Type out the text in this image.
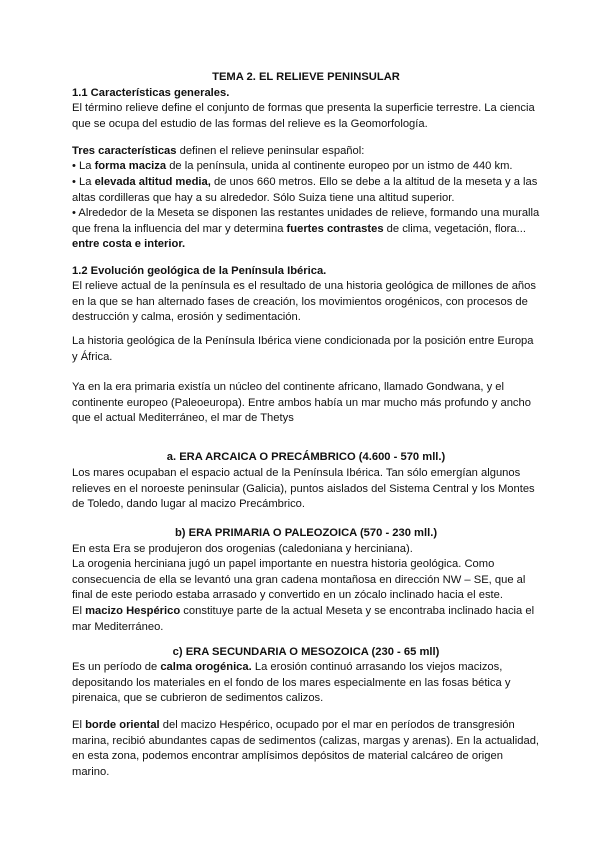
TEMA 2. EL RELIEVE PENINSULAR

1.1 Características generales.

El término relieve define el conjunto de formas que presenta la superficie terrestre. La ciencia que se ocupa del estudio de las formas del relieve es la Geomorfología.

Tres características definen el relieve peninsular español:

• La forma maciza de la península, unida al continente europeo por un istmo de 440 km.

• La elevada altitud media, de unos 660 metros. Ello se debe a la altitud de la meseta y a las altas cordilleras que hay a su alrededor. Sólo Suiza tiene una altitud superior.

• Alrededor de la Meseta se disponen las restantes unidades de relieve, formando una muralla que frena la influencia del mar y determina fuertes contrastes de clima, vegetación, flora... entre costa e interior.

1.2 Evolución geológica de la Península Ibérica.

El relieve actual de la península es el resultado de una historia geológica de millones de años en la que se han alternado fases de creación, los movimientos orogénicos, con procesos de destrucción y calma, erosión y sedimentación.

La historia geológica de la Península Ibérica viene condicionada por la posición entre Europa y África.

Ya en la era primaria existía un núcleo del continente africano, llamado Gondwana, y el continente europeo (Paleoeuropa). Entre ambos había un mar mucho más profundo y ancho que el actual Mediterráneo, el mar de Thetys

a. ERA ARCAICA O PRECÁMBRICO (4.600 - 570 mll.)

Los mares ocupaban el espacio actual de la Península Ibérica. Tan sólo emergían algunos relieves en el noroeste peninsular (Galicia), puntos aislados del Sistema Central y los Montes de Toledo, dando lugar al macizo Precámbrico.

b) ERA PRIMARIA O PALEOZOICA (570 - 230 mll.)

En esta Era se produjeron dos orogenias (caledoniana y herciniana).

La orogenia herciniana jugó un papel importante en nuestra historia geológica. Como consecuencia de ella se levantó una gran cadena montañosa en dirección NW – SE, que al final de este periodo estaba arrasado y convertido en un zócalo inclinado hacia el este.

El macizo Hespérico constituye parte de la actual Meseta y se encontraba inclinado hacia el mar Mediterráneo.

c) ERA SECUNDARIA O MESOZOICA (230 - 65 mll)

Es un período de calma orogénica. La erosión continuó arrasando los viejos macizos, depositando los materiales en el fondo de los mares especialmente en las fosas bética y pirenaica, que se cubrieron de sedimentos calizos.

El borde oriental del macizo Hespérico, ocupado por el mar en períodos de transgresión marina, recibió abundantes capas de sedimentos (calizas, margas y arenas). En la actualidad, en esta zona, podemos encontrar amplísimos depósitos de material calcáreo de origen marino.
